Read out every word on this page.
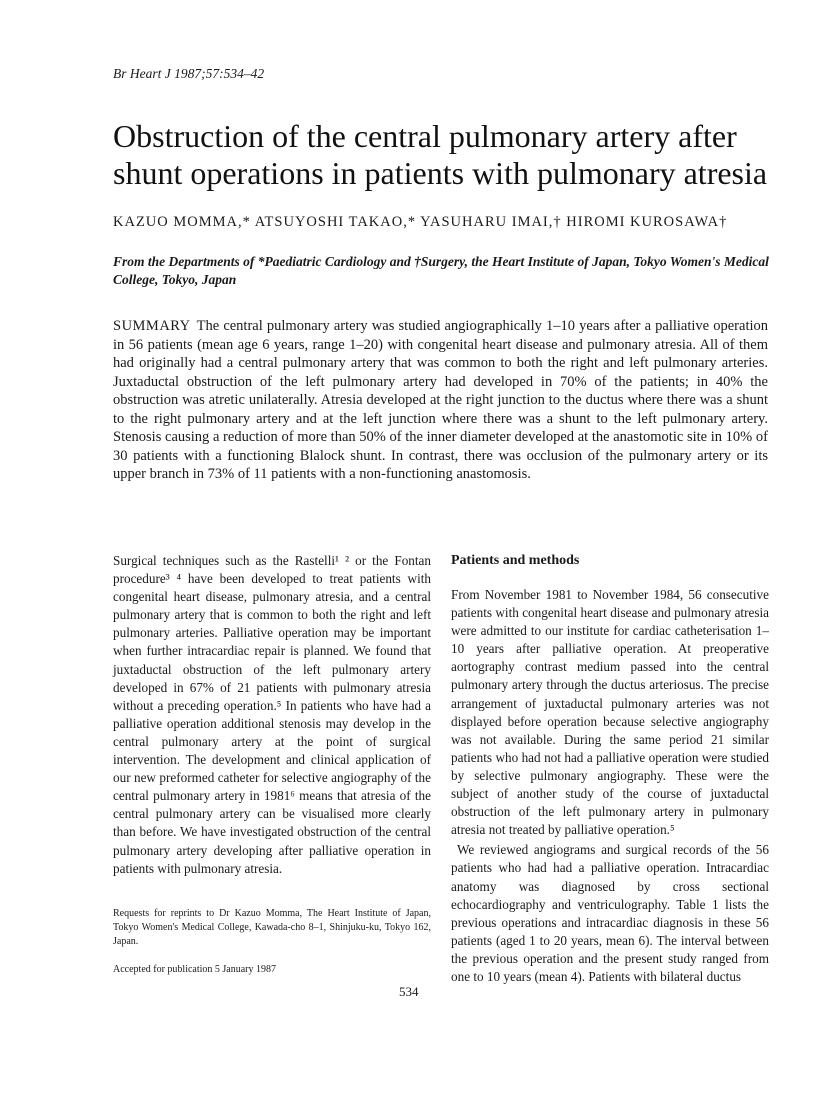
Br Heart J 1987;57:534–42
Obstruction of the central pulmonary artery after shunt operations in patients with pulmonary atresia
KAZUO MOMMA,* ATSUYOSHI TAKAO,* YASUHARU IMAI,† HIROMI KUROSAWA†
From the Departments of *Paediatric Cardiology and †Surgery, the Heart Institute of Japan, Tokyo Women's Medical College, Tokyo, Japan
SUMMARY The central pulmonary artery was studied angiographically 1–10 years after a palliative operation in 56 patients (mean age 6 years, range 1–20) with congenital heart disease and pulmonary atresia. All of them had originally had a central pulmonary artery that was common to both the right and left pulmonary arteries. Juxtaductal obstruction of the left pulmonary artery had developed in 70% of the patients; in 40% the obstruction was atretic unilaterally. Atresia developed at the right junction to the ductus where there was a shunt to the right pulmonary artery and at the left junction where there was a shunt to the left pulmonary artery. Stenosis causing a reduction of more than 50% of the inner diameter developed at the anastomotic site in 10% of 30 patients with a functioning Blalock shunt. In contrast, there was occlusion of the pulmonary artery or its upper branch in 73% of 11 patients with a non-functioning anastomosis.

Surgical techniques such as the Rastelli¹ ² or the Fontan procedure³ ⁴ have been developed to treat patients with congenital heart disease, pulmonary atresia, and a central pulmonary artery that is common to both the right and left pulmonary arteries. Palliative operation may be important when further intracardiac repair is planned. We found that juxtaductal obstruction of the left pulmonary artery developed in 67% of 21 patients with pulmonary atresia without a preceding operation.⁵ In patients who have had a palliative operation additional stenosis may develop in the central pulmonary artery at the point of surgical intervention. The development and clinical application of our new preformed catheter for selective angiography of the central pulmonary artery in 1981⁶ means that atresia of the central pulmonary artery can be visualised more clearly than before. We have investigated obstruction of the central pulmonary artery developing after palliative operation in patients with pulmonary atresia.

Requests for reprints to Dr Kazuo Momma, The Heart Institute of Japan, Tokyo Women's Medical College, Kawada-cho 8–1, Shinjuku-ku, Tokyo 162, Japan.
Accepted for publication 5 January 1987
Patients and methods

From November 1981 to November 1984, 56 consecutive patients with congenital heart disease and pulmonary atresia were admitted to our institute for cardiac catheterisation 1–10 years after palliative operation. At preoperative aortography contrast medium passed into the central pulmonary artery through the ductus arteriosus. The precise arrangement of juxtaductal pulmonary arteries was not displayed before operation because selective angiography was not available. During the same period 21 similar patients who had not had a palliative operation were studied by selective pulmonary angiography. These were the subject of another study of the course of juxtaductal obstruction of the left pulmonary artery in pulmonary atresia not treated by palliative operation.⁵

We reviewed angiograms and surgical records of the 56 patients who had had a palliative operation. Intracardiac anatomy was diagnosed by cross sectional echocardiography and ventriculography. Table 1 lists the previous operations and intracardiac diagnosis in these 56 patients (aged 1 to 20 years, mean 6). The interval between the previous operation and the present study ranged from one to 10 years (mean 4). Patients with bilateral ductus

534
